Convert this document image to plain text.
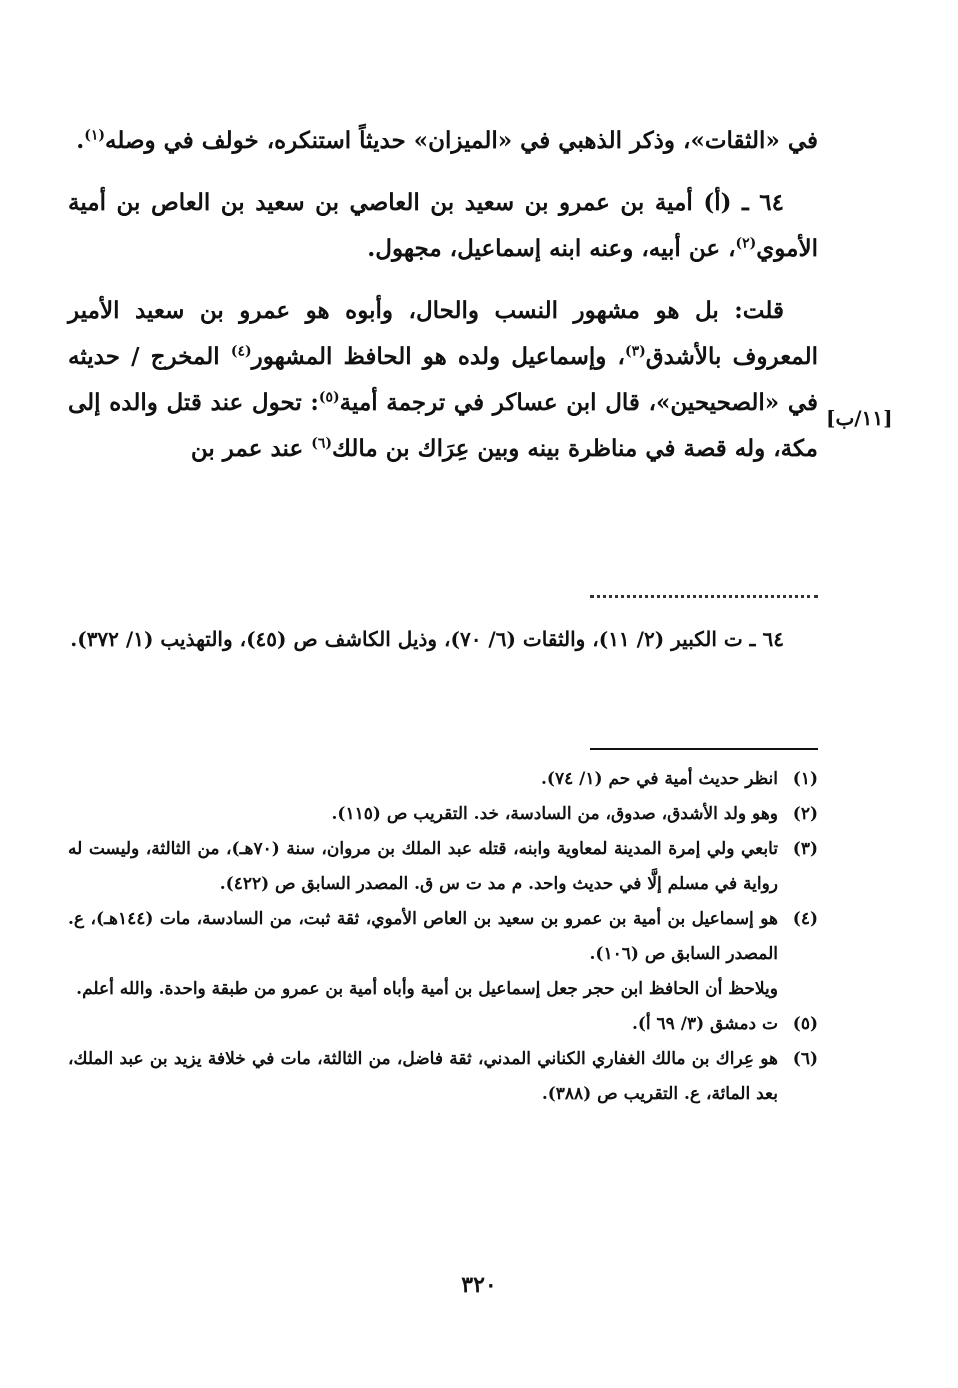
في «الثقات»، وذكر الذهبي في «الميزان» حديثاً استنكره، خولف في وصله$^{(١)}$.

٦٤ ـ (أ) أمية بن عمرو بن سعيد بن العاصي بن سعيد بن العاص بن أمية الأموي$^{(٢)}$، عن أبيه، وعنه ابنه إسماعيل، مجهول.

قلت: بل هو مشهور النسب والحال، وأبوه هو عمرو بن سعيد الأمير المعروف بالأشدق$^{(٣)}$، وإسماعيل ولده هو الحافظ المشهور$^{(٤)}$ المخرج / حديثه في «الصحيحين»، قال ابن عساكر في ترجمة أمية$^{(٥)}$: تحول عند قتل والده إلى مكة، وله قصة في مناظرة بينه وبين عِرَاك بن مالك$^{(٦)}$ عند عمر بن

[١١/ب]
٦٤ ـ ت الكبير (٢/ ١١)، والثقات (٦/ ٧٠)، وذيل الكاشف ص (٤٥)، والتهذيب (١/ ٣٧٢).
(١)
انظر حديث أمية في حم (١/ ٧٤).
(٢)
وهو ولد الأشدق، صدوق، من السادسة، خد. التقريب ص (١١٥).
(٣)
تابعي ولي إمرة المدينة لمعاوية وابنه، قتله عبد الملك بن مروان، سنة (٧٠هـ)، من الثالثة، وليست له رواية في مسلم إلَّا في حديث واحد. م مد ت س ق. المصدر السابق ص (٤٢٢).
(٤)
هو إسماعيل بن أمية بن عمرو بن سعيد بن العاص الأموي، ثقة ثبت، من السادسة، مات (١٤٤هـ)، ع. المصدر السابق ص (١٠٦).
ويلاحظ أن الحافظ ابن حجر جعل إسماعيل بن أمية وأباه أمية بن عمرو من طبقة واحدة. والله أعلم.
(٥)
ت دمشق (٣/ ٦٩ أ).
(٦)
هو عِراك بن مالك الغفاري الكناني المدني، ثقة فاضل، من الثالثة، مات في خلافة يزيد بن عبد الملك، بعد المائة، ع. التقريب ص (٣٨٨).
٣٢٠
